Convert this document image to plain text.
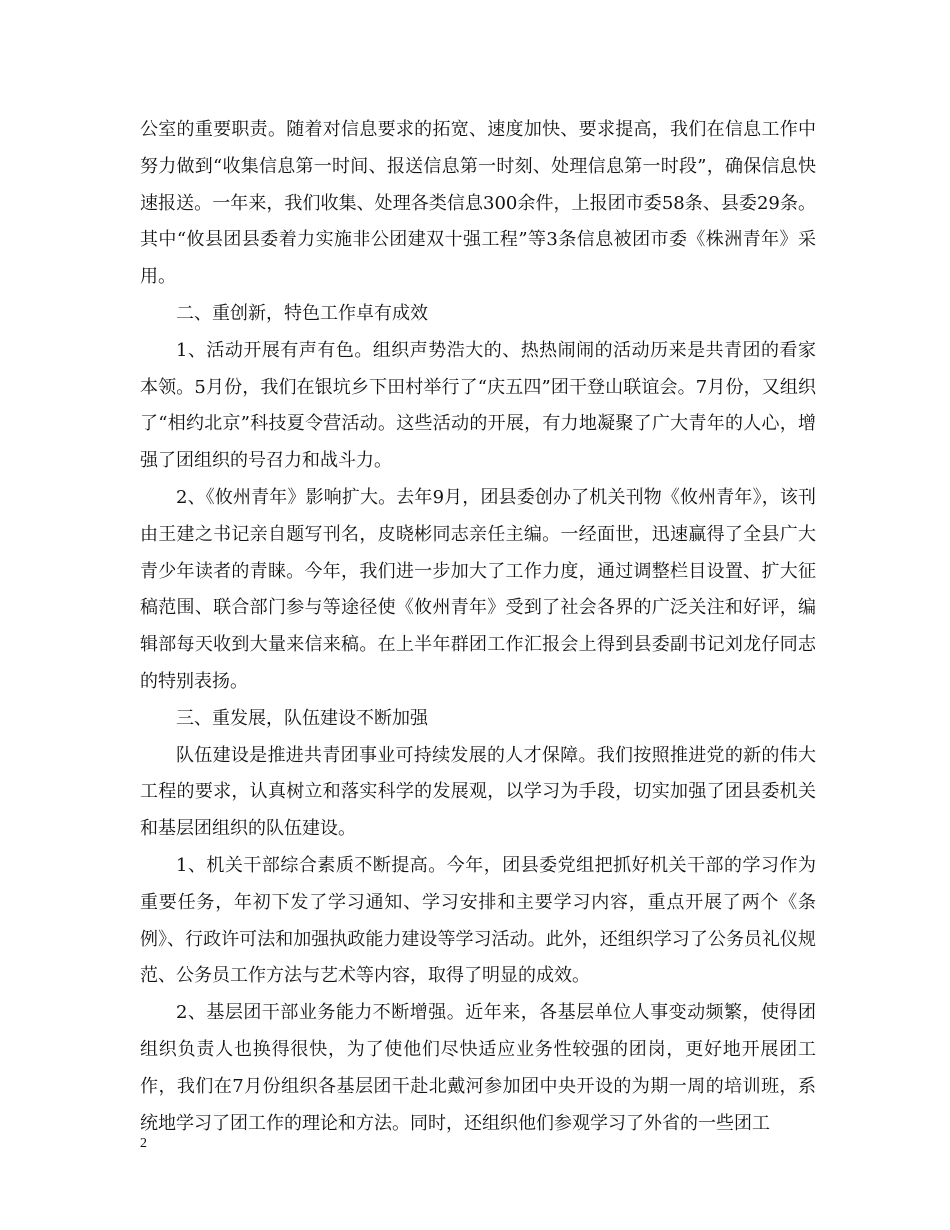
公室的重要职责。随着对信息要求的拓宽、速度加快、要求提高，我们在信息工作中努力做到“收集信息第一时间、报送信息第一时刻、处理信息第一时段”，确保信息快速报送。一年来，我们收集、处理各类信息300余件，上报团市委58条、县委29条。其中“攸县团县委着力实施非公团建双十强工程”等3条信息被团市委《株洲青年》采用。

二、重创新，特色工作卓有成效

1、活动开展有声有色。组织声势浩大的、热热闹闹的活动历来是共青团的看家本领。5月份，我们在银坑乡下田村举行了“庆五四”团干登山联谊会。7月份，又组织了“相约北京”科技夏令营活动。这些活动的开展，有力地凝聚了广大青年的人心，增强了团组织的号召力和战斗力。

2、《攸州青年》影响扩大。去年9月，团县委创办了机关刊物《攸州青年》，该刊由王建之书记亲自题写刊名，皮晓彬同志亲任主编。一经面世，迅速赢得了全县广大青少年读者的青睐。今年，我们进一步加大了工作力度，通过调整栏目设置、扩大征稿范围、联合部门参与等途径使《攸州青年》受到了社会各界的广泛关注和好评，编辑部每天收到大量来信来稿。在上半年群团工作汇报会上得到县委副书记刘龙仔同志的特别表扬。

三、重发展，队伍建设不断加强

队伍建设是推进共青团事业可持续发展的人才保障。我们按照推进党的新的伟大工程的要求，认真树立和落实科学的发展观，以学习为手段，切实加强了团县委机关和基层团组织的队伍建设。

1、机关干部综合素质不断提高。今年，团县委党组把抓好机关干部的学习作为重要任务，年初下发了学习通知、学习安排和主要学习内容，重点开展了两个《条例》、行政许可法和加强执政能力建设等学习活动。此外，还组织学习了公务员礼仪规范、公务员工作方法与艺术等内容，取得了明显的成效。

2、基层团干部业务能力不断增强。近年来，各基层单位人事变动频繁，使得团组织负责人也换得很快，为了使他们尽快适应业务性较强的团岗，更好地开展团工作，我们在7月份组织各基层团干赴北戴河参加团中央开设的为期一周的培训班，系统地学习了团工作的理论和方法。同时，还组织他们参观学习了外省的一些团工

2
